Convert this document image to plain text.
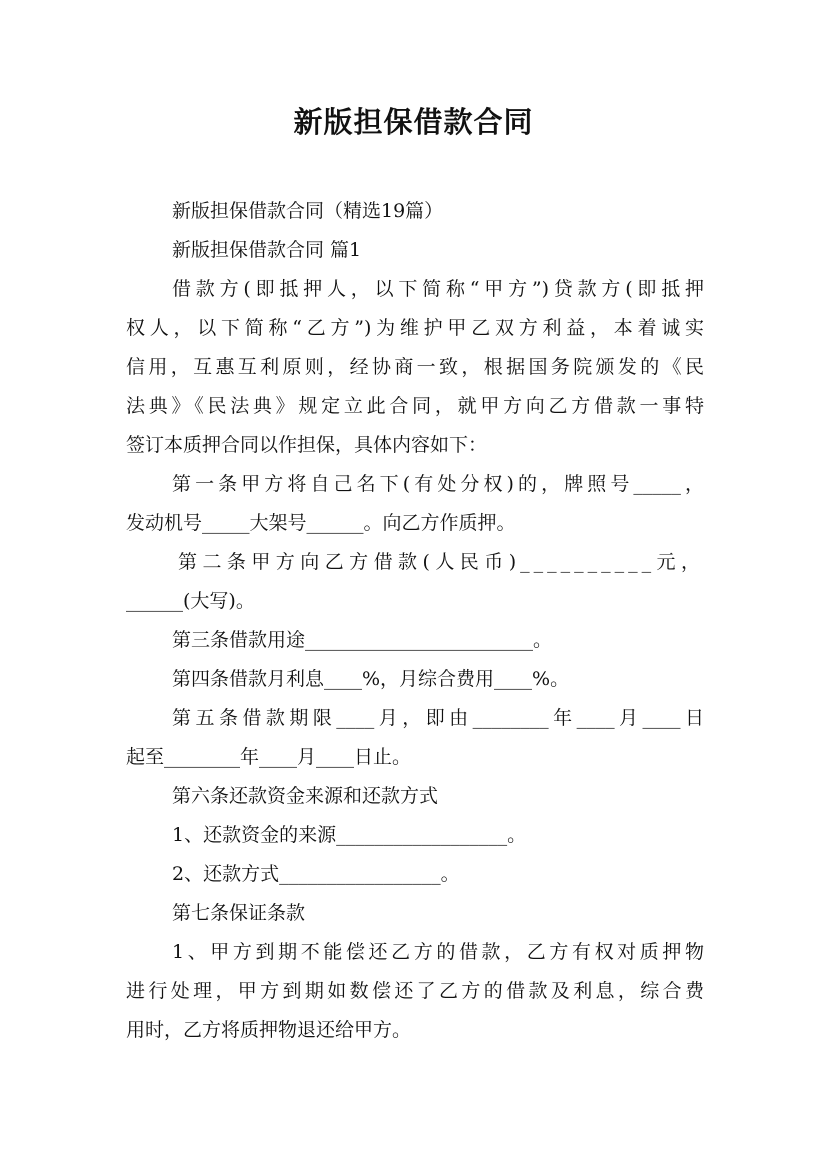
新版担保借款合同
新版担保借款合同（精选19篇）
新版担保借款合同 篇1
借款方(即抵押人，以下简称“甲方”)贷款方(即抵押
权人，以下简称“乙方”)为维护甲乙双方利益，本着诚实
信用，互惠互利原则，经协商一致，根据国务院颁发的《民
法典》《民法典》规定立此合同，就甲方向乙方借款一事特
签订本质押合同以作担保，具体内容如下：
第一条甲方将自己名下(有处分权)的，牌照号_____，
发动机号_____大架号______。向乙方作质押。
第二条甲方向乙方借款(人民币)__________元，
______(大写)。
第三条借款用途________________________。
第四条借款月利息____%，月综合费用____%。
第五条借款期限____月，即由________年____月____日
起至________年____月____日止。
第六条还款资金来源和还款方式
1、还款资金的来源__________________。
2、还款方式_________________。
第七条保证条款
1、甲方到期不能偿还乙方的借款，乙方有权对质押物
进行处理，甲方到期如数偿还了乙方的借款及利息，综合费
用时，乙方将质押物退还给甲方。
